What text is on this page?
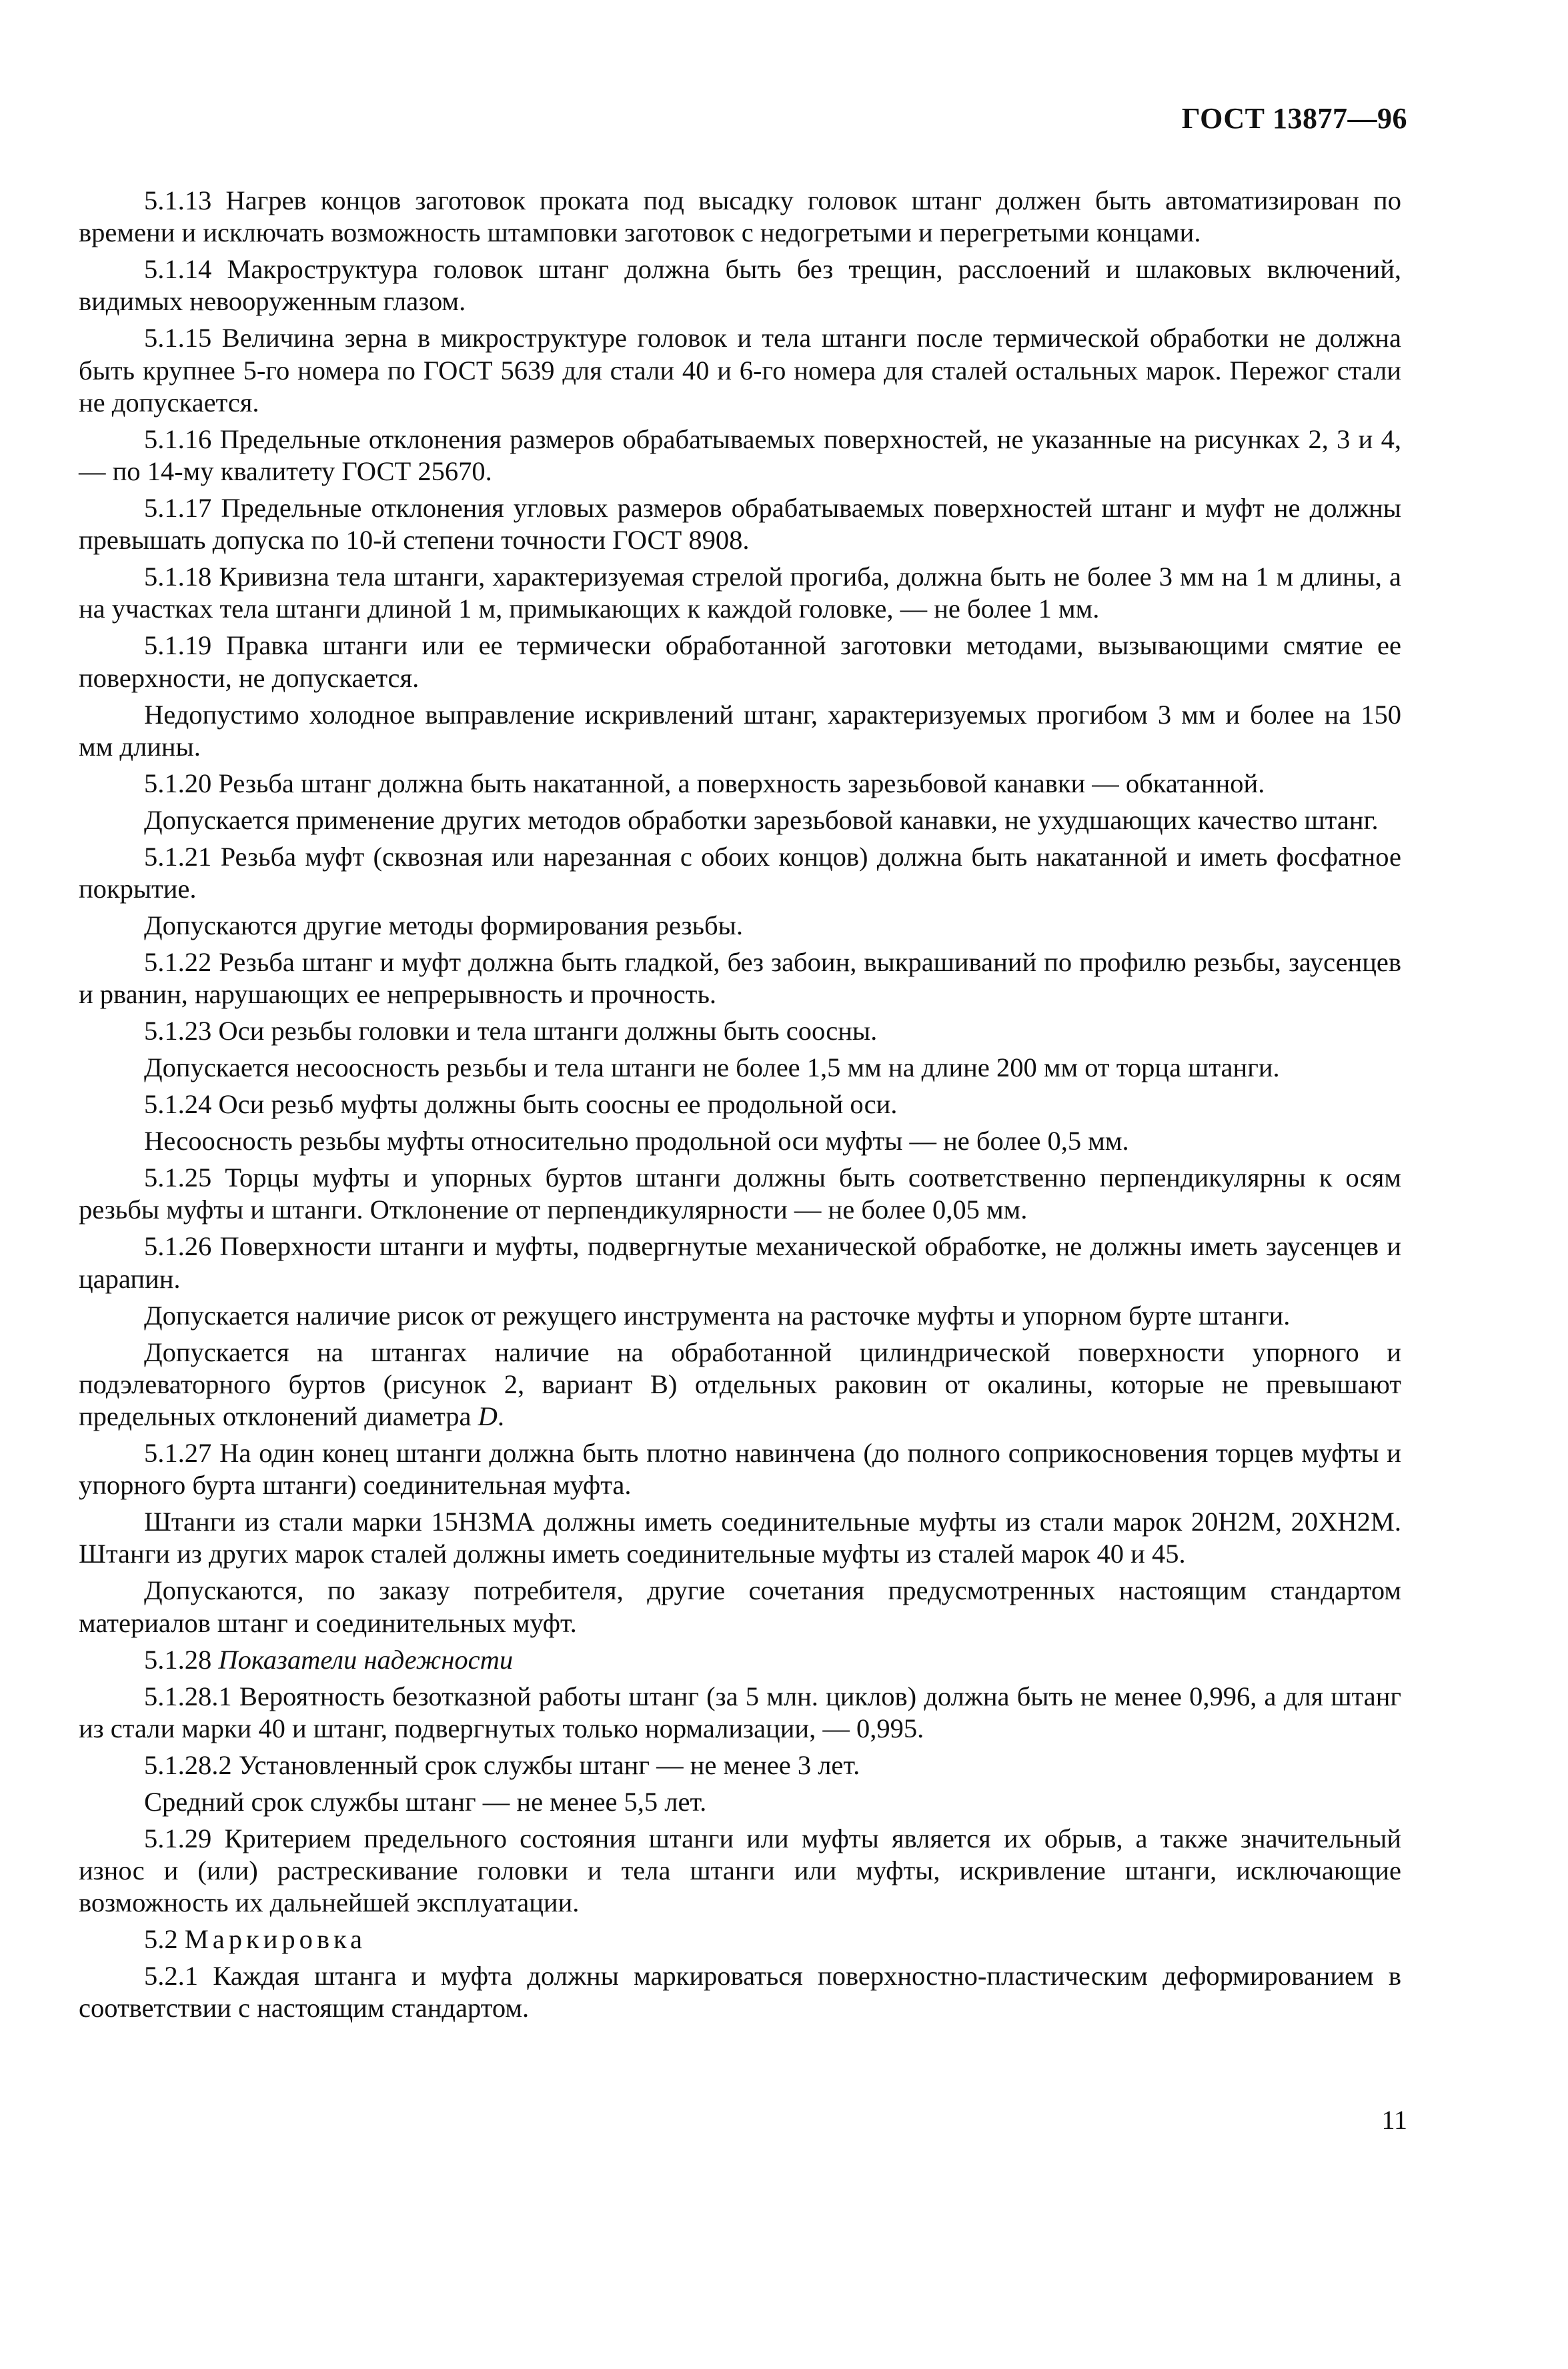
ГОСТ 13877—96

5.1.13 Нагрев концов заготовок проката под высадку головок штанг должен быть автоматизирован по времени и исключать возможность штамповки заготовок с недогретыми и перегретыми концами.

5.1.14 Макроструктура головок штанг должна быть без трещин, расслоений и шлаковых включений, видимых невооруженным глазом.

5.1.15 Величина зерна в микроструктуре головок и тела штанги после термической обработки не должна быть крупнее 5-го номера по ГОСТ 5639 для стали 40 и 6-го номера для сталей остальных марок. Пережог стали не допускается.

5.1.16 Предельные отклонения размеров обрабатываемых поверхностей, не указанные на рисунках 2, 3 и 4, — по 14-му квалитету ГОСТ 25670.

5.1.17 Предельные отклонения угловых размеров обрабатываемых поверхностей штанг и муфт не должны превышать допуска по 10-й степени точности ГОСТ 8908.

5.1.18 Кривизна тела штанги, характеризуемая стрелой прогиба, должна быть не более 3 мм на 1 м длины, а на участках тела штанги длиной 1 м, примыкающих к каждой головке, — не более 1 мм.

5.1.19 Правка штанги или ее термически обработанной заготовки методами, вызывающими смятие ее поверхности, не допускается.

Недопустимо холодное выправление искривлений штанг, характеризуемых прогибом 3 мм и более на 150 мм длины.

5.1.20 Резьба штанг должна быть накатанной, а поверхность зарезьбовой канавки — обкатанной.

Допускается применение других методов обработки зарезьбовой канавки, не ухудшающих качество штанг.

5.1.21 Резьба муфт (сквозная или нарезанная с обоих концов) должна быть накатанной и иметь фосфатное покрытие.

Допускаются другие методы формирования резьбы.

5.1.22 Резьба штанг и муфт должна быть гладкой, без забоин, выкрашиваний по профилю резьбы, заусенцев и рванин, нарушающих ее непрерывность и прочность.

5.1.23 Оси резьбы головки и тела штанги должны быть соосны.

Допускается несоосность резьбы и тела штанги не более 1,5 мм на длине 200 мм от торца штанги.

5.1.24 Оси резьб муфты должны быть соосны ее продольной оси.

Несоосность резьбы муфты относительно продольной оси муфты — не более 0,5 мм.

5.1.25 Торцы муфты и упорных буртов штанги должны быть соответственно перпендикулярны к осям резьбы муфты и штанги. Отклонение от перпендикулярности — не более 0,05 мм.

5.1.26 Поверхности штанги и муфты, подвергнутые механической обработке, не должны иметь заусенцев и царапин.

Допускается наличие рисок от режущего инструмента на расточке муфты и упорном бурте штанги.

Допускается на штангах наличие на обработанной цилиндрической поверхности упорного и подэлеваторного буртов (рисунок 2, вариант В) отдельных раковин от окалины, которые не превышают предельных отклонений диаметра D.

5.1.27 На один конец штанги должна быть плотно навинчена (до полного соприкосновения торцев муфты и упорного бурта штанги) соединительная муфта.

Штанги из стали марки 15Н3МА должны иметь соединительные муфты из стали марок 20Н2М, 20ХН2М. Штанги из других марок сталей должны иметь соединительные муфты из сталей марок 40 и 45.

Допускаются, по заказу потребителя, другие сочетания предусмотренных настоящим стандартом материалов штанг и соединительных муфт.

5.1.28 Показатели надежности

5.1.28.1 Вероятность безотказной работы штанг (за 5 млн. циклов) должна быть не менее 0,996, а для штанг из стали марки 40 и штанг, подвергнутых только нормализации, — 0,995.

5.1.28.2 Установленный срок службы штанг — не менее 3 лет.

Средний срок службы штанг — не менее 5,5 лет.

5.1.29 Критерием предельного состояния штанги или муфты является их обрыв, а также значительный износ и (или) растрескивание головки и тела штанги или муфты, искривление штанги, исключающие возможность их дальнейшей эксплуатации.

5.2 Маркировка

5.2.1 Каждая штанга и муфта должны маркироваться поверхностно-пластическим деформированием в соответствии с настоящим стандартом.

11
